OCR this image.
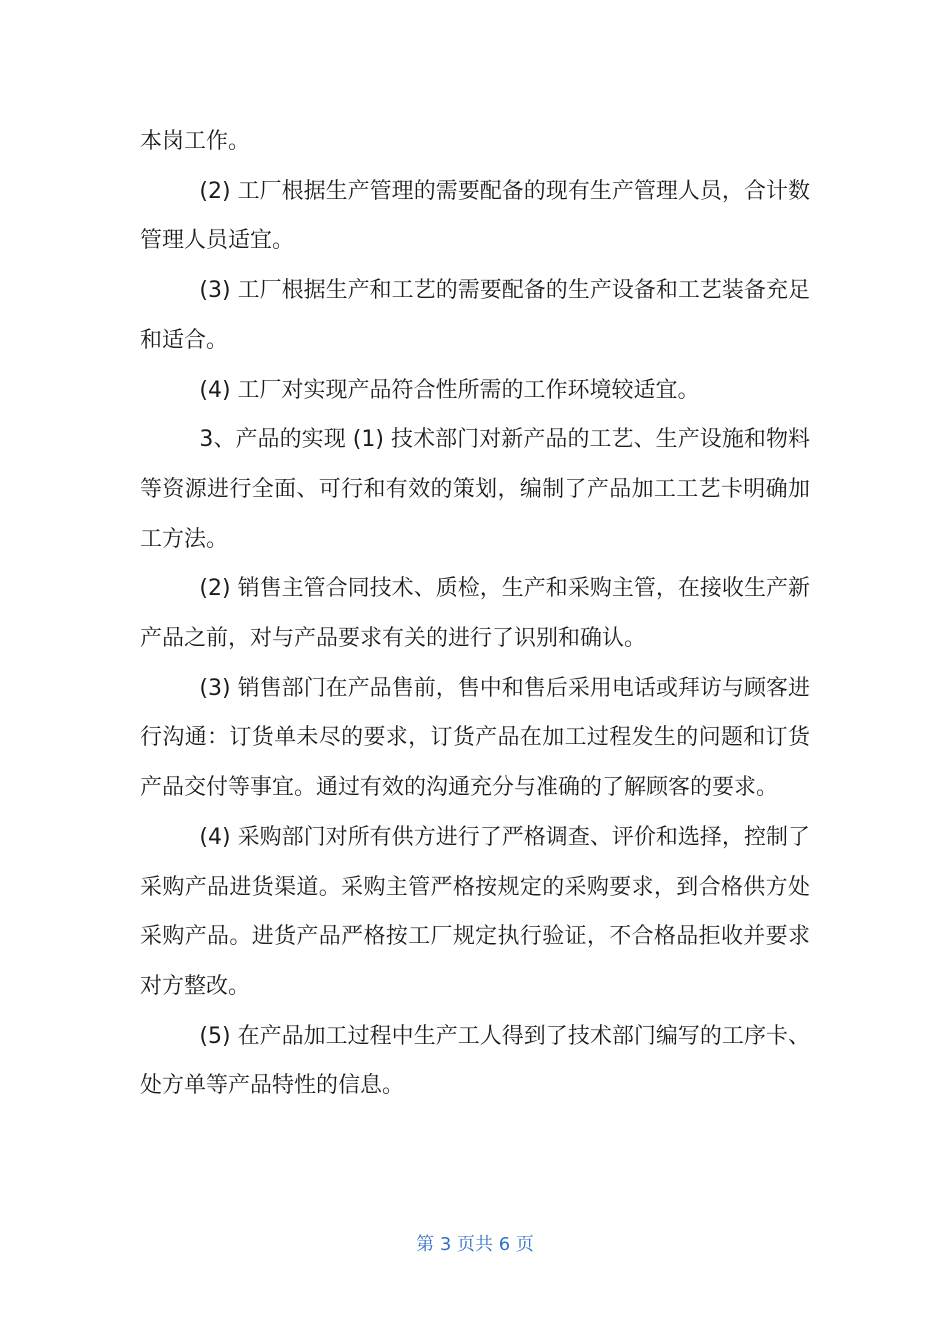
本岗工作。

(2) 工厂根据生产管理的需要配备的现有生产管理人员，合计数管理人员适宜。

(3) 工厂根据生产和工艺的需要配备的生产设备和工艺装备充足和适合。

(4) 工厂对实现产品符合性所需的工作环境较适宜。

3、产品的实现 (1) 技术部门对新产品的工艺、生产设施和物料等资源进行全面、可行和有效的策划，编制了产品加工工艺卡明确加工方法。

(2) 销售主管合同技术、质检，生产和采购主管，在接收生产新产品之前，对与产品要求有关的进行了识别和确认。

(3) 销售部门在产品售前，售中和售后采用电话或拜访与顾客进行沟通：订货单未尽的要求，订货产品在加工过程发生的问题和订货产品交付等事宜。通过有效的沟通充分与准确的了解顾客的要求。

(4) 采购部门对所有供方进行了严格调查、评价和选择，控制了采购产品进货渠道。采购主管严格按规定的采购要求，到合格供方处采购产品。进货产品严格按工厂规定执行验证，不合格品拒收并要求对方整改。

(5) 在产品加工过程中生产工人得到了技术部门编写的工序卡、处方单等产品特性的信息。

第 3 页共 6 页
